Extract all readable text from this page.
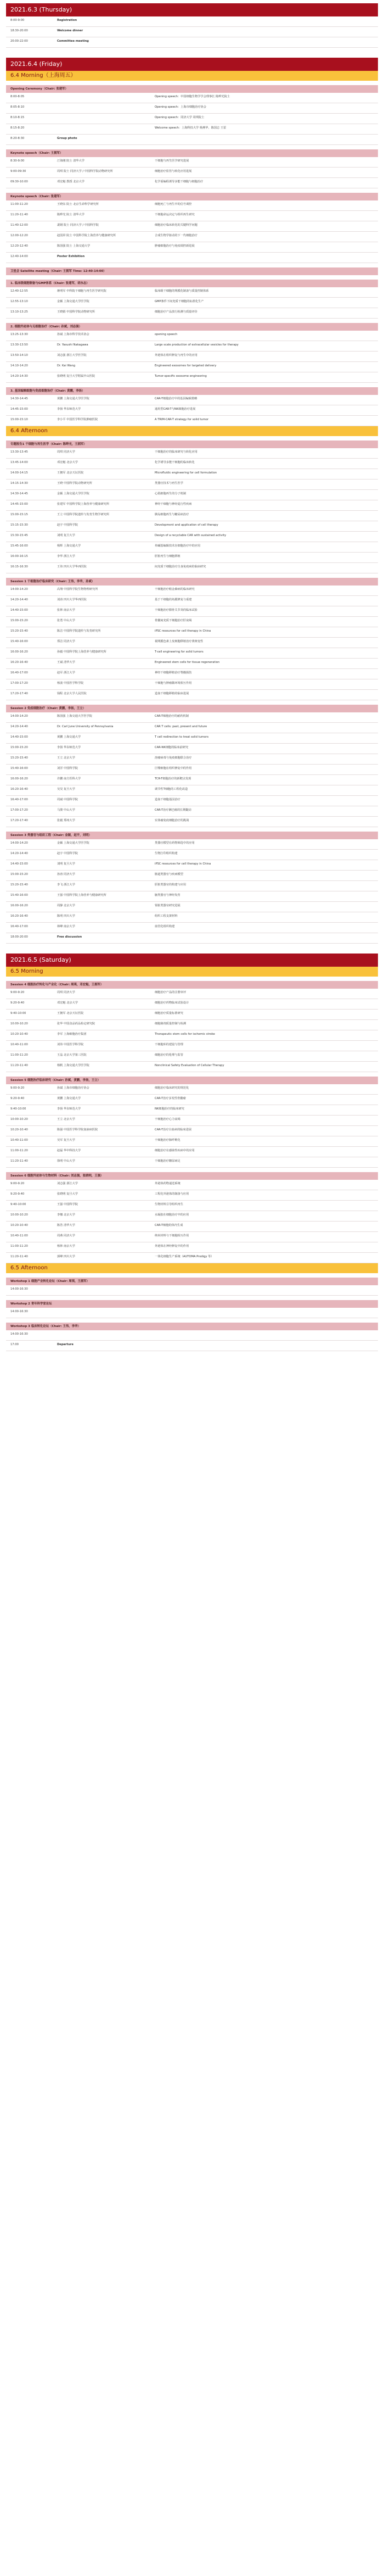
2021.6.3 (Thursday)
8:00-9:00	Registration
18:30-20:00	Welcome dinner
20:00-22:00	Committee meeting
2021.6.4 (Friday)
6.4 Morning（上海周五）
Opening Ceremony（Chair: 张建军）
8:00-8:05	Opening speech：中国细胞生物学学会理事长 陈晔光院士
8:05-8:10	Opening speech：上海市细胞治疗协会
8:10-8:15	Opening speech：同济大学 周琪院士
8:15-8:20	Welcome speech：上海科技大学 杨燕华、陈国志 王雷
8:20-8:30	Group photo
Keynote speech（Chair: 王拥军）
8:30-9:00	汀海刚 院士 清华大学	干细胞与再生医学研究进展
9:00-09:30	周琪 院士 同济大学 / 中国科学院动物研究所	细胞治疗监管与转化应用进展
09:30-10:00	邓宏魁 教授 北京大学	化学重编程诱导多能干细胞与细胞治疗
Keynote speech（Chair: 张建军）
11:00-11:20	王晓东 院士 北京生命科学研究所	细胞死亡与再生中的信号调控
11:20-11:40	陈晔光 院士 清华大学	干细胞命运决定与组织再生研究
11:40-12:00	裴钢 院士 同济大学 / 中国科学院	细胞治疗临床转化的关键科学问题
12:00-12:20	赵国屏 院士 中国科学院上海营养与健康研究所	合成生物学驱动的下一代细胞治疗
12:20-12:40	陈国强 院士 上海交通大学	肿瘤细胞治疗与免疫调控新进展
12:40-14:00	Poster Exhibition
卫星会 Satellite meeting（Chair: 王拥军 Time: 12:40-14:00）
1. 临床级细胞制备与GMP体系（Chair: 张建军，胡永志）
12:40-12:55	蒋明军 中科院干细胞与再生医学研究院	临床级干细胞的规模化制备与质量控制体系
12:55-13:10	金颖 上海交通大学医学院	GMP条件下间充质干细胞的标准化生产
13:10-13:25	王晓娟 中国科学院动物研究所	细胞治疗产品放行检测与质量评价
2. 细胞外泌体与无细胞治疗（Chair: 孙斌，刘志强）
13:25-13:30	孙斌 上海市科学技术协会	opening speech
13:30-13:50	Dr. Yasushi Nakagawa	Large scale production of extracellular vesicles for therapy
13:50-14:10	刘志强 浙江大学医学院	外泌体在组织修复与再生中的应用
14:10-14:20	Dr. Kai Wang	Engineered exosomes for targeted delivery
14:20-14:30	张晓明 复旦大学附属中山医院	Tumor-specific exosome engineering
3. 基因编辑细胞与免疫细胞治疗（Chair: 黄鹏，李扬）
14:30-14:45	黄鹏 上海交通大学医学院	CAR-T细胞治疗中的基因编辑策略
14:45-15:00	李扬 华东师范大学	通用型CAR-T与NK细胞治疗进展
15:00-15:10	李小平 中国医学科学院肿瘤医院	A TRIM-CAR-T strategy for solid tumor
6.4 Afternoon
专题报告1 干细胞与再生医学（Chair: 陈晔光，王拥军）
13:30-13:45	周琪 同济大学	干细胞治疗的临床研究与转化应用
13:45-14:00	邓宏魁 北京大学	化学诱导多能干细胞的临床转化
14:00-14:15	王拥军 北京天坛医院	Microfluidic engineering for cell formulation
14:15-14:30	王晓 中国科学院动物研究所	类器官技术与再生医学
14:30-14:45	金颖 上海交通大学医学院	心肌细胞再生的分子机制
14:45-15:00	张建军 中国科学院上海营养与健康研究所	神经干细胞与神经退行性疾病
15:00-15:15	王立 中国科学院遗传与发育生物学研究所	胰岛细胞再生与糖尿病治疗
15:15-15:30	赵宇 中国科学院	Development and application of cell therapy
15:30-15:45	刘明 复旦大学	Design of a recyclable CAR with sustained activity
15:45-16:00	杨辉 上海交通大学	单碱基编辑技术在细胞治疗中的应用
16:00-16:15	李华 浙江大学	肝脏再生与细胞移植
16:15-16:30	王伟 四川大学华西医院	间充质干细胞治疗自身免疫病的临床研究
Session 1 干细胞治疗临床研究（Chair: 王伟，李华，孙斌）
14:00-14:20	高翔 中国科学院生物物理研究所	干细胞治疗帕金森病的临床研究
14:20-14:40	刘涛 四川大学华西医院	基于干细胞的角膜修复与重建
14:40-15:00	张林 南京大学	干细胞治疗膝骨关节炎的临床试验
15:00-15:20	张勇 中山大学	骨髓间充质干细胞治疗肝衰竭
15:20-15:40	陈洁 中国科学院遗传与发育研究所	iPSC resources for cell therapy in China
15:40-16:00	郑洁 同济大学	视网膜色素上皮细胞移植治疗黄斑变性
16:00-16:20	孙毅 中国科学院上海营养与健康研究所	T-cell engineering for solid tumors
16:20-16:40	王斌 清华大学	Engineered stem cells for tissue regeneration
16:40-17:00	赵军 浙江大学	神经干细胞移植治疗脊髓损伤
17:00-17:20	杨波 中国医学科学院	干细胞与肿瘤微环境相互作用
17:20-17:40	钱程 北京大学人民医院	造血干细胞移植的临床进展
Session 2 免疫细胞治疗（Chair: 黄鹏，李扬，王立）
14:00-14:20	陈国强 上海交通大学医学院	CAR-T细胞治疗的耐药机制
14:20-14:40	Dr. Carl June University of Pennsylvania	CAR T cells: past, present and future
14:40-15:00	黄鹏 上海交通大学	T cell redirection to treat solid tumors
15:00-15:20	李扬 华东师范大学	CAR-NK细胞的临床前研究
15:20-15:40	王立 北京大学	溶瘤病毒与免疫细胞联合治疗
15:40-16:00	刘洋 中国科学院	巨噬细胞在组织修复中的作用
16:00-16:20	许鹏 南方医科大学	TCR-T细胞治疗的新靶点发现
16:20-16:40	吴昊 复旦大学	调节性T细胞的工程化改造
16:40-17:00	周斌 中国科学院	造血干细胞基因治疗
17:00-17:20	马骏 中山大学	CAR-T治疗淋巴瘤的长期随访
17:20-17:40	张毅 郑州大学	实体瘤免疫细胞治疗的挑战
Session 3 类器官与组织工程（Chair: 金颖，赵宇，刘明）
14:00-14:20	金颖 上海交通大学医学院	类器官模型在药物筛选中的应用
14:20-14:40	赵宇 中国科学院	生物打印组织构建
14:40-15:00	刘明 复旦大学	iPSC resources for cell therapy in China
15:00-15:20	孙涛 同济大学	肠道类器官与疾病模型
15:20-15:40	李飞 浙江大学	肝脏类器官的构建与应用
15:40-16:00	王强 中国科学院上海营养与健康研究所	脑类器官与神经发育
16:00-16:20	周静 北京大学	肾脏类器官研究进展
16:20-16:40	陈明 四川大学	组织工程支架材料
16:40-17:00	林峰 南京大学	血管化组织构建
18:00-20:00	Free discussion
2021.6.5 (Saturday)
6.5 Morning
Session 4 细胞治疗转化与产业化（Chair: 周琪，邓宏魁，王拥军）
9:00-9:20	周琪 同济大学	细胞治疗产品的注册审评
9:20-9:40	邓宏魁 北京大学	细胞治疗药物临床试验设计
9:40-10:00	王拥军 北京天坛医院	细胞治疗质量标准研究
10:00-10:20	张华 中国食品药品检定研究院	细胞制剂质量控制与检测
10:20-10:40	李军 上海细胞治疗集团	Therapeutic stem cells for ischemic stroke
10:40-11:00	刘伟 中国医学科学院	干细胞库的建设与管理
11:00-11:20	王晶 北京大学第三医院	细胞治疗的伦理与监管
11:20-11:40	杨帆 上海交通大学医学院	Nonclinical Safety Evaluation of Cellular Therapy
Session 5 细胞治疗临床研究（Chair: 孙斌，黄鹏，李扬，王立）
9:00-9:20	孙斌 上海市细胞治疗协会	细胞治疗临床研究的规范化
9:20-9:40	黄鹏 上海交通大学	CAR-T治疗多发性骨髓瘤
9:40-10:00	李扬 华东师范大学	NK细胞治疗的临床研究
10:00-10:20	王立 北京大学	干细胞治疗心力衰竭
10:20-10:40	陈强 中国医学科学院血液病医院	CAR-T治疗白血病的临床进展
10:40-11:00	吴军 复旦大学	干细胞治疗肺纤维化
11:00-11:20	赵磊 华中科技大学	细胞治疗在感染性疾病中的应用
11:20-11:40	徐明 中山大学	干细胞治疗糖尿病足
Session 6 细胞外泌体与生物材料（Chair: 刘志强，张晓明，王强）
9:00-9:20	刘志强 浙江大学	外泌体药物递送系统
9:20-9:40	张晓明 复旦大学	工程化外泌体的制备与应用
9:40-10:00	王强 中国科学院	生物材料引导组织再生
10:00-10:20	李娜 北京大学	水凝胶在细胞治疗中的应用
10:20-10:40	陈浩 清华大学	CAR-T细胞的体内生成
10:40-11:00	周燕 同济大学	纳米材料与干细胞相互作用
11:00-11:20	杨林 南京大学	外泌体在神经修复中的作用
11:20-11:40	郭峰 四川大学	一体化细胞生产系统（AUTOMA Prodigy 等）
6.5 Afternoon
Workshop 1 细胞产业转化论坛（Chair: 周琪，王拥军）
14:00-16:30
Workshop 2 青年科学家论坛
14:00-16:30
Workshop 3 临床转化论坛（Chair: 王伟，李华）
14:00-16:30
17:00	Departure
